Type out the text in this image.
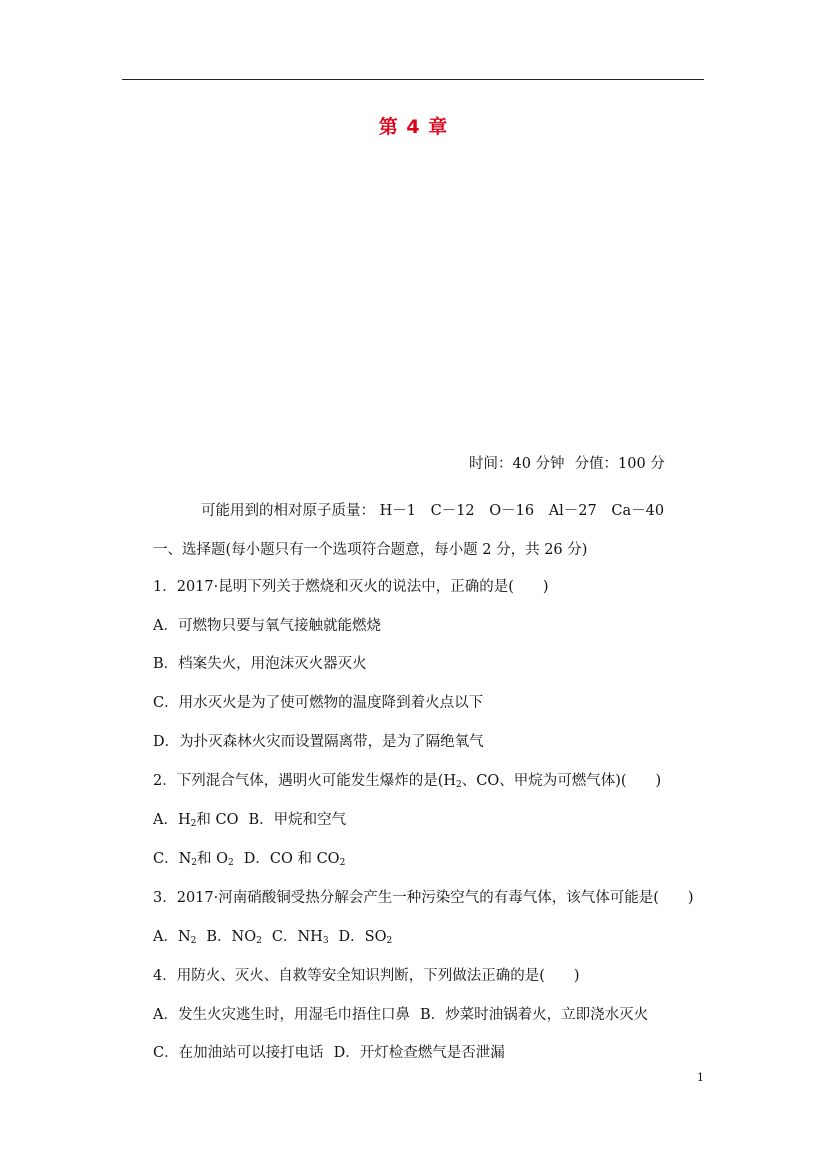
第 4 章
时间：40 分钟 分值：100 分
可能用到的相对原子质量： H－1 C－12 O－16 Al－27 Ca－40
一、选择题(每小题只有一个选项符合题意，每小题 2 分，共 26 分)
1．2017·昆明下列关于燃烧和灭火的说法中，正确的是(　　)
A．可燃物只要与氧气接触就能燃烧
B．档案失火，用泡沫灭火器灭火
C．用水灭火是为了使可燃物的温度降到着火点以下
D．为扑灭森林火灾而设置隔离带，是为了隔绝氧气
2．下列混合气体，遇明火可能发生爆炸的是($H_2$、CO、甲烷为可燃气体)(　　)
A．$H_2$和 CO B．甲烷和空气
C．$N_2$和 $O_2$ D．CO 和 $CO_2$
3．2017·河南硝酸铜受热分解会产生一种污染空气的有毒气体，该气体可能是(　　)
A．$N_2$ B．$NO_2$ C．$NH_3$ D．$SO_2$
4．用防火、灭火、自救等安全知识判断，下列做法正确的是(　　)
A．发生火灾逃生时，用湿毛巾捂住口鼻 B．炒菜时油锅着火，立即浇水灭火
C．在加油站可以接打电话 D．开灯检查燃气是否泄漏
1
